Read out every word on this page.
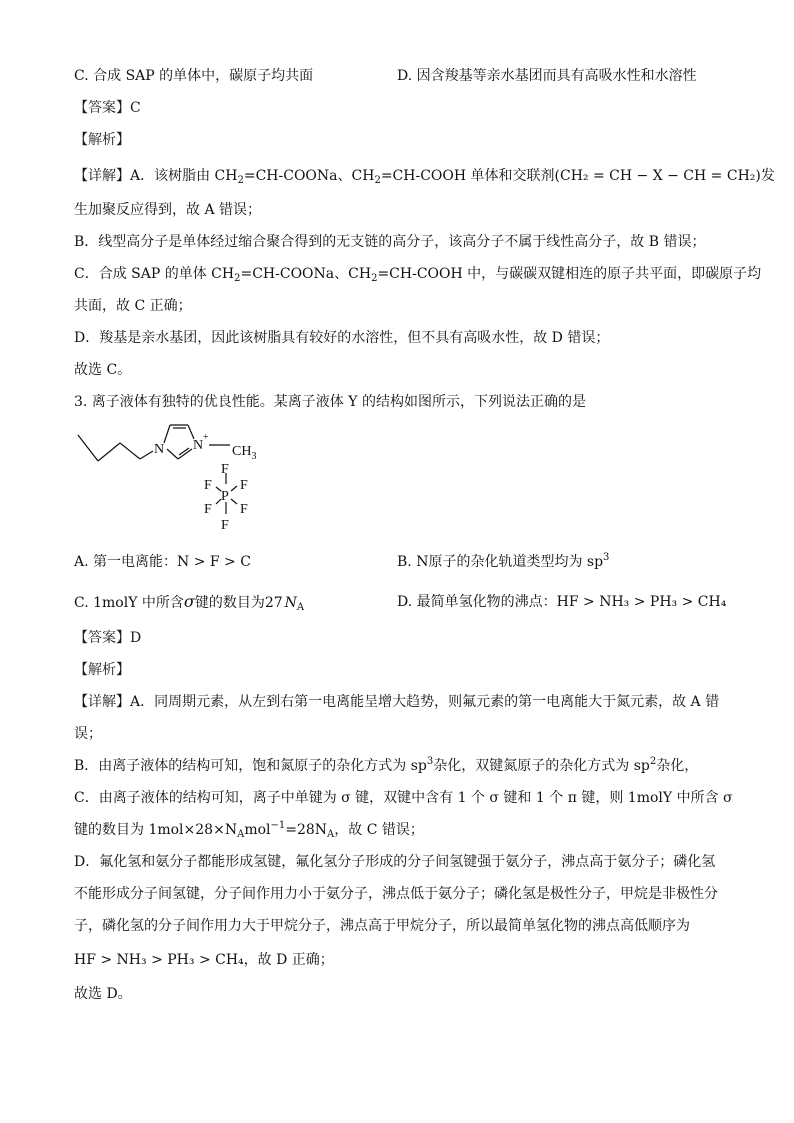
C. 合成 SAP 的单体中，碳原子均共面	D. 因含羧基等亲水基团而具有高吸水性和水溶性
【答案】C
【解析】
【详解】A．该树脂由 $CH_2=CH$-COONa、$CH_2=CH$-COOH 单体和交联剂(CH₂ = CH − X − CH = CH₂)发
生加聚反应得到，故 A 错误；
B．线型高分子是单体经过缩合聚合得到的无支链的高分子，该高分子不属于线性高分子，故 B 错误；
C．合成 SAP 的单体 $CH_2=CH$-COONa、$CH_2=CH$-COOH 中，与碳碳双键相连的原子共平面，即碳原子均
共面，故 C 正确；
D．羧基是亲水基团，因此该树脂具有较好的水溶性，但不具有高吸水性，故 D 错误；
故选 C。
3. 离子液体有独特的优良性能。某离子液体 Y 的结构如图所示，下列说法正确的是
N N
+
$CH_3$
F
F F
P
F F
F
A. 第一电离能：N > F > C	B. N原子的杂化轨道类型均为 $sp^3$
C. 1molY 中所含σ键的数目为27 $N_A$	D. 最简单氢化物的沸点：HF > NH₃ > PH₃ > CH₄
【答案】D
【解析】
【详解】A．同周期元素，从左到右第一电离能呈增大趋势，则氟元素的第一电离能大于氮元素，故 A 错
误；
B．由离子液体的结构可知，饱和氮原子的杂化方式为 $sp^3$杂化，双键氮原子的杂化方式为 $sp^2$杂化，
C．由离子液体的结构可知，离子中单键为 σ 键，双键中含有 1 个 σ 键和 1 个 π 键，则 1molY 中所含 σ
键的数目为 $1mol\times 28\times N_Amol^{-1}=28N_A$，故 C 错误；
D．氟化氢和氨分子都能形成氢键，氟化氢分子形成的分子间氢键强于氨分子，沸点高于氨分子；磷化氢
不能形成分子间氢键，分子间作用力小于氨分子，沸点低于氨分子；磷化氢是极性分子，甲烷是非极性分
子，磷化氢的分子间作用力大于甲烷分子，沸点高于甲烷分子，所以最简单氢化物的沸点高低顺序为
HF > NH₃ > PH₃ > CH₄，故 D 正确；
故选 D。
